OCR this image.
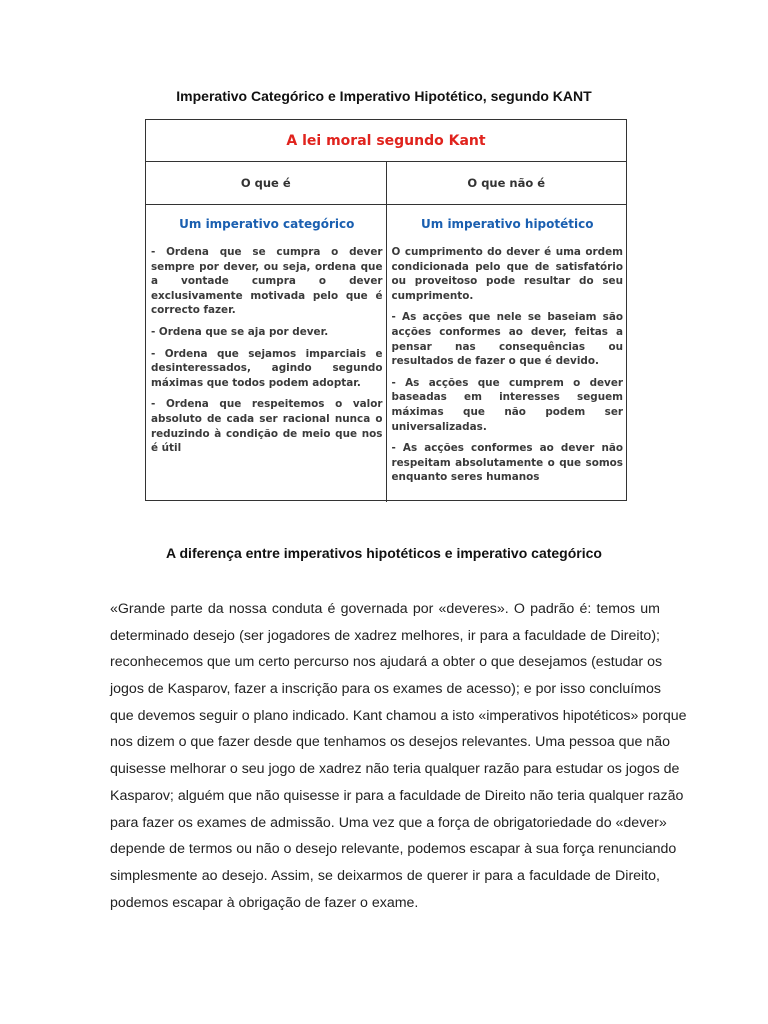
Imperativo Categórico e Imperativo Hipotético, segundo KANT
A lei moral segundo Kant
O que é	O que não é
Um imperativo categórico

- Ordena que se cumpra o dever sempre por dever, ou seja, ordena que a vontade cumpra o dever exclusivamente motivada pelo que é correcto fazer.

- Ordena que se aja por dever.

- Ordena que sejamos imparciais e desinteressados, agindo segundo máximas que todos podem adoptar.

- Ordena que respeitemos o valor absoluto de cada ser racional nunca o reduzindo à condição de meio que nos é útil

Um imperativo hipotético

O cumprimento do dever é uma ordem condicionada pelo que de satisfatório ou proveitoso pode resultar do seu cumprimento.

- As acções que nele se baseiam são acções conformes ao dever, feitas a pensar nas consequências ou resultados de fazer o que é devido.

- As acções que cumprem o dever baseadas em interesses seguem máximas que não podem ser universalizadas.

- As acções conformes ao dever não respeitam absolutamente o que somos enquanto seres humanos

A diferença entre imperativos hipotéticos e imperativo categórico
«Grande parte da nossa conduta é governada por «deveres». O padrão é: temos um
determinado desejo (ser jogadores de xadrez melhores, ir para a faculdade de Direito);
reconhecemos que um certo percurso nos ajudará a obter o que desejamos (estudar os
jogos de Kasparov, fazer a inscrição para os exames de acesso); e por isso concluímos
que devemos seguir o plano indicado. Kant chamou a isto «imperativos hipotéticos» porque
nos dizem o que fazer desde que tenhamos os desejos relevantes. Uma pessoa que não
quisesse melhorar o seu jogo de xadrez não teria qualquer razão para estudar os jogos de
Kasparov; alguém que não quisesse ir para a faculdade de Direito não teria qualquer razão
para fazer os exames de admissão. Uma vez que a força de obrigatoriedade do «dever»
depende de termos ou não o desejo relevante, podemos escapar à sua força renunciando
simplesmente ao desejo. Assim, se deixarmos de querer ir para a faculdade de Direito,
podemos escapar à obrigação de fazer o exame.
